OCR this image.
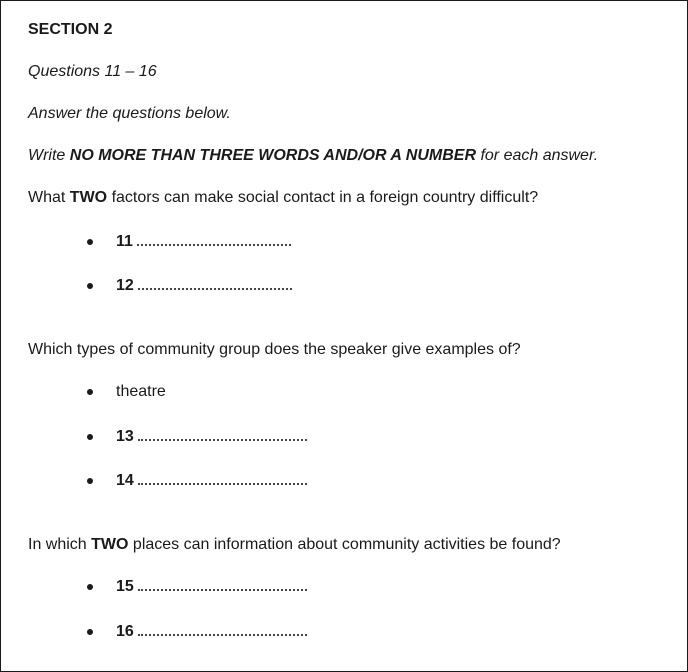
SECTION 2
Questions 11 – 16
Answer the questions below.
Write NO MORE THAN THREE WORDS AND/OR A NUMBER for each answer.
What TWO factors can make social contact in a foreign country difficult?
11
12
Which types of community group does the speaker give examples of?
theatre
13
14
In which TWO places can information about community activities be found?
15
16
